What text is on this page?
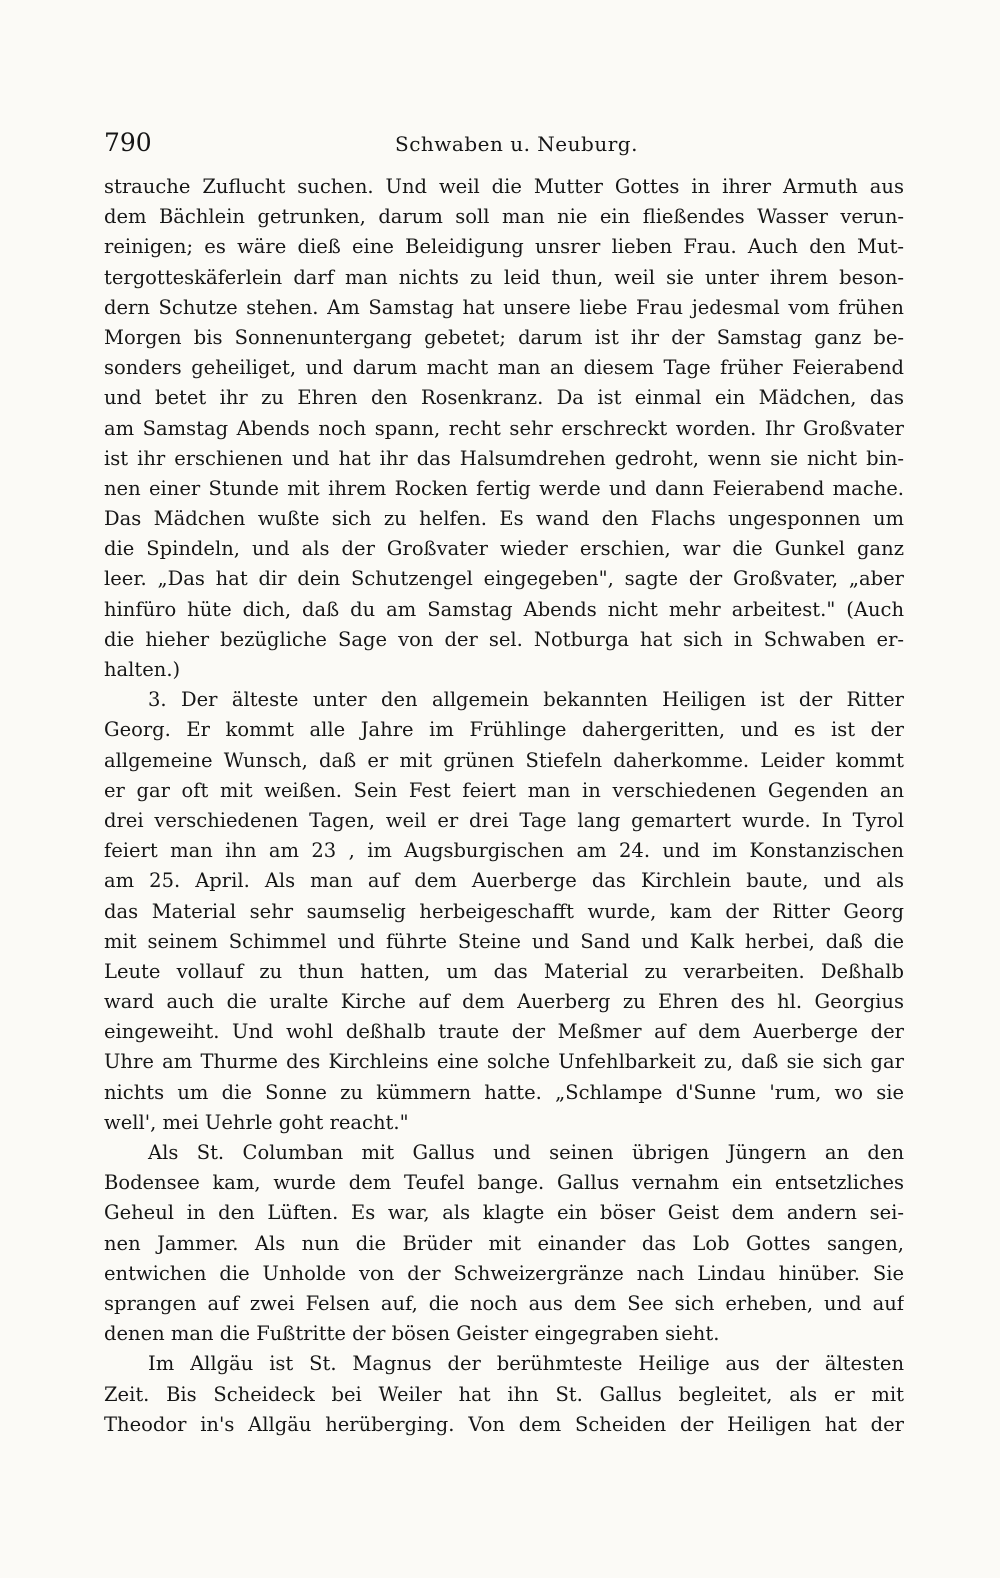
790	Schwaben u. Neuburg.
strauche Zuflucht suchen. Und weil die Mutter Gottes in ihrer Armuth aus
dem Bächlein getrunken, darum soll man nie ein fließendes Wasser verun-
reinigen; es wäre dieß eine Beleidigung unsrer lieben Frau. Auch den Mut-
tergotteskäferlein darf man nichts zu leid thun, weil sie unter ihrem beson-
dern Schutze stehen. Am Samstag hat unsere liebe Frau jedesmal vom frühen
Morgen bis Sonnenuntergang gebetet; darum ist ihr der Samstag ganz be-
sonders geheiliget, und darum macht man an diesem Tage früher Feierabend
und betet ihr zu Ehren den Rosenkranz. Da ist einmal ein Mädchen, das
am Samstag Abends noch spann, recht sehr erschreckt worden. Ihr Großvater
ist ihr erschienen und hat ihr das Halsumdrehen gedroht, wenn sie nicht bin-
nen einer Stunde mit ihrem Rocken fertig werde und dann Feierabend mache.
Das Mädchen wußte sich zu helfen. Es wand den Flachs ungesponnen um
die Spindeln, und als der Großvater wieder erschien, war die Gunkel ganz
leer. „Das hat dir dein Schutzengel eingegeben", sagte der Großvater, „aber
hinfüro hüte dich, daß du am Samstag Abends nicht mehr arbeitest." (Auch
die hieher bezügliche Sage von der sel. Notburga hat sich in Schwaben er-
halten.)
3. Der älteste unter den allgemein bekannten Heiligen ist der Ritter
Georg. Er kommt alle Jahre im Frühlinge dahergeritten, und es ist der
allgemeine Wunsch, daß er mit grünen Stiefeln daherkomme. Leider kommt
er gar oft mit weißen. Sein Fest feiert man in verschiedenen Gegenden an
drei verschiedenen Tagen, weil er drei Tage lang gemartert wurde. In Tyrol
feiert man ihn am 23 , im Augsburgischen am 24. und im Konstanzischen
am 25. April. Als man auf dem Auerberge das Kirchlein baute, und als
das Material sehr saumselig herbeigeschafft wurde, kam der Ritter Georg
mit seinem Schimmel und führte Steine und Sand und Kalk herbei, daß die
Leute vollauf zu thun hatten, um das Material zu verarbeiten. Deßhalb
ward auch die uralte Kirche auf dem Auerberg zu Ehren des hl. Georgius
eingeweiht. Und wohl deßhalb traute der Meßmer auf dem Auerberge der
Uhre am Thurme des Kirchleins eine solche Unfehlbarkeit zu, daß sie sich gar
nichts um die Sonne zu kümmern hatte. „Schlampe d'Sunne 'rum, wo sie
well', mei Uehrle goht reacht."
Als St. Columban mit Gallus und seinen übrigen Jüngern an den
Bodensee kam, wurde dem Teufel bange. Gallus vernahm ein entsetzliches
Geheul in den Lüften. Es war, als klagte ein böser Geist dem andern sei-
nen Jammer. Als nun die Brüder mit einander das Lob Gottes sangen,
entwichen die Unholde von der Schweizergränze nach Lindau hinüber. Sie
sprangen auf zwei Felsen auf, die noch aus dem See sich erheben, und auf
denen man die Fußtritte der bösen Geister eingegraben sieht.
Im Allgäu ist St. Magnus der berühmteste Heilige aus der ältesten
Zeit. Bis Scheideck bei Weiler hat ihn St. Gallus begleitet, als er mit
Theodor in's Allgäu herüberging. Von dem Scheiden der Heiligen hat der
